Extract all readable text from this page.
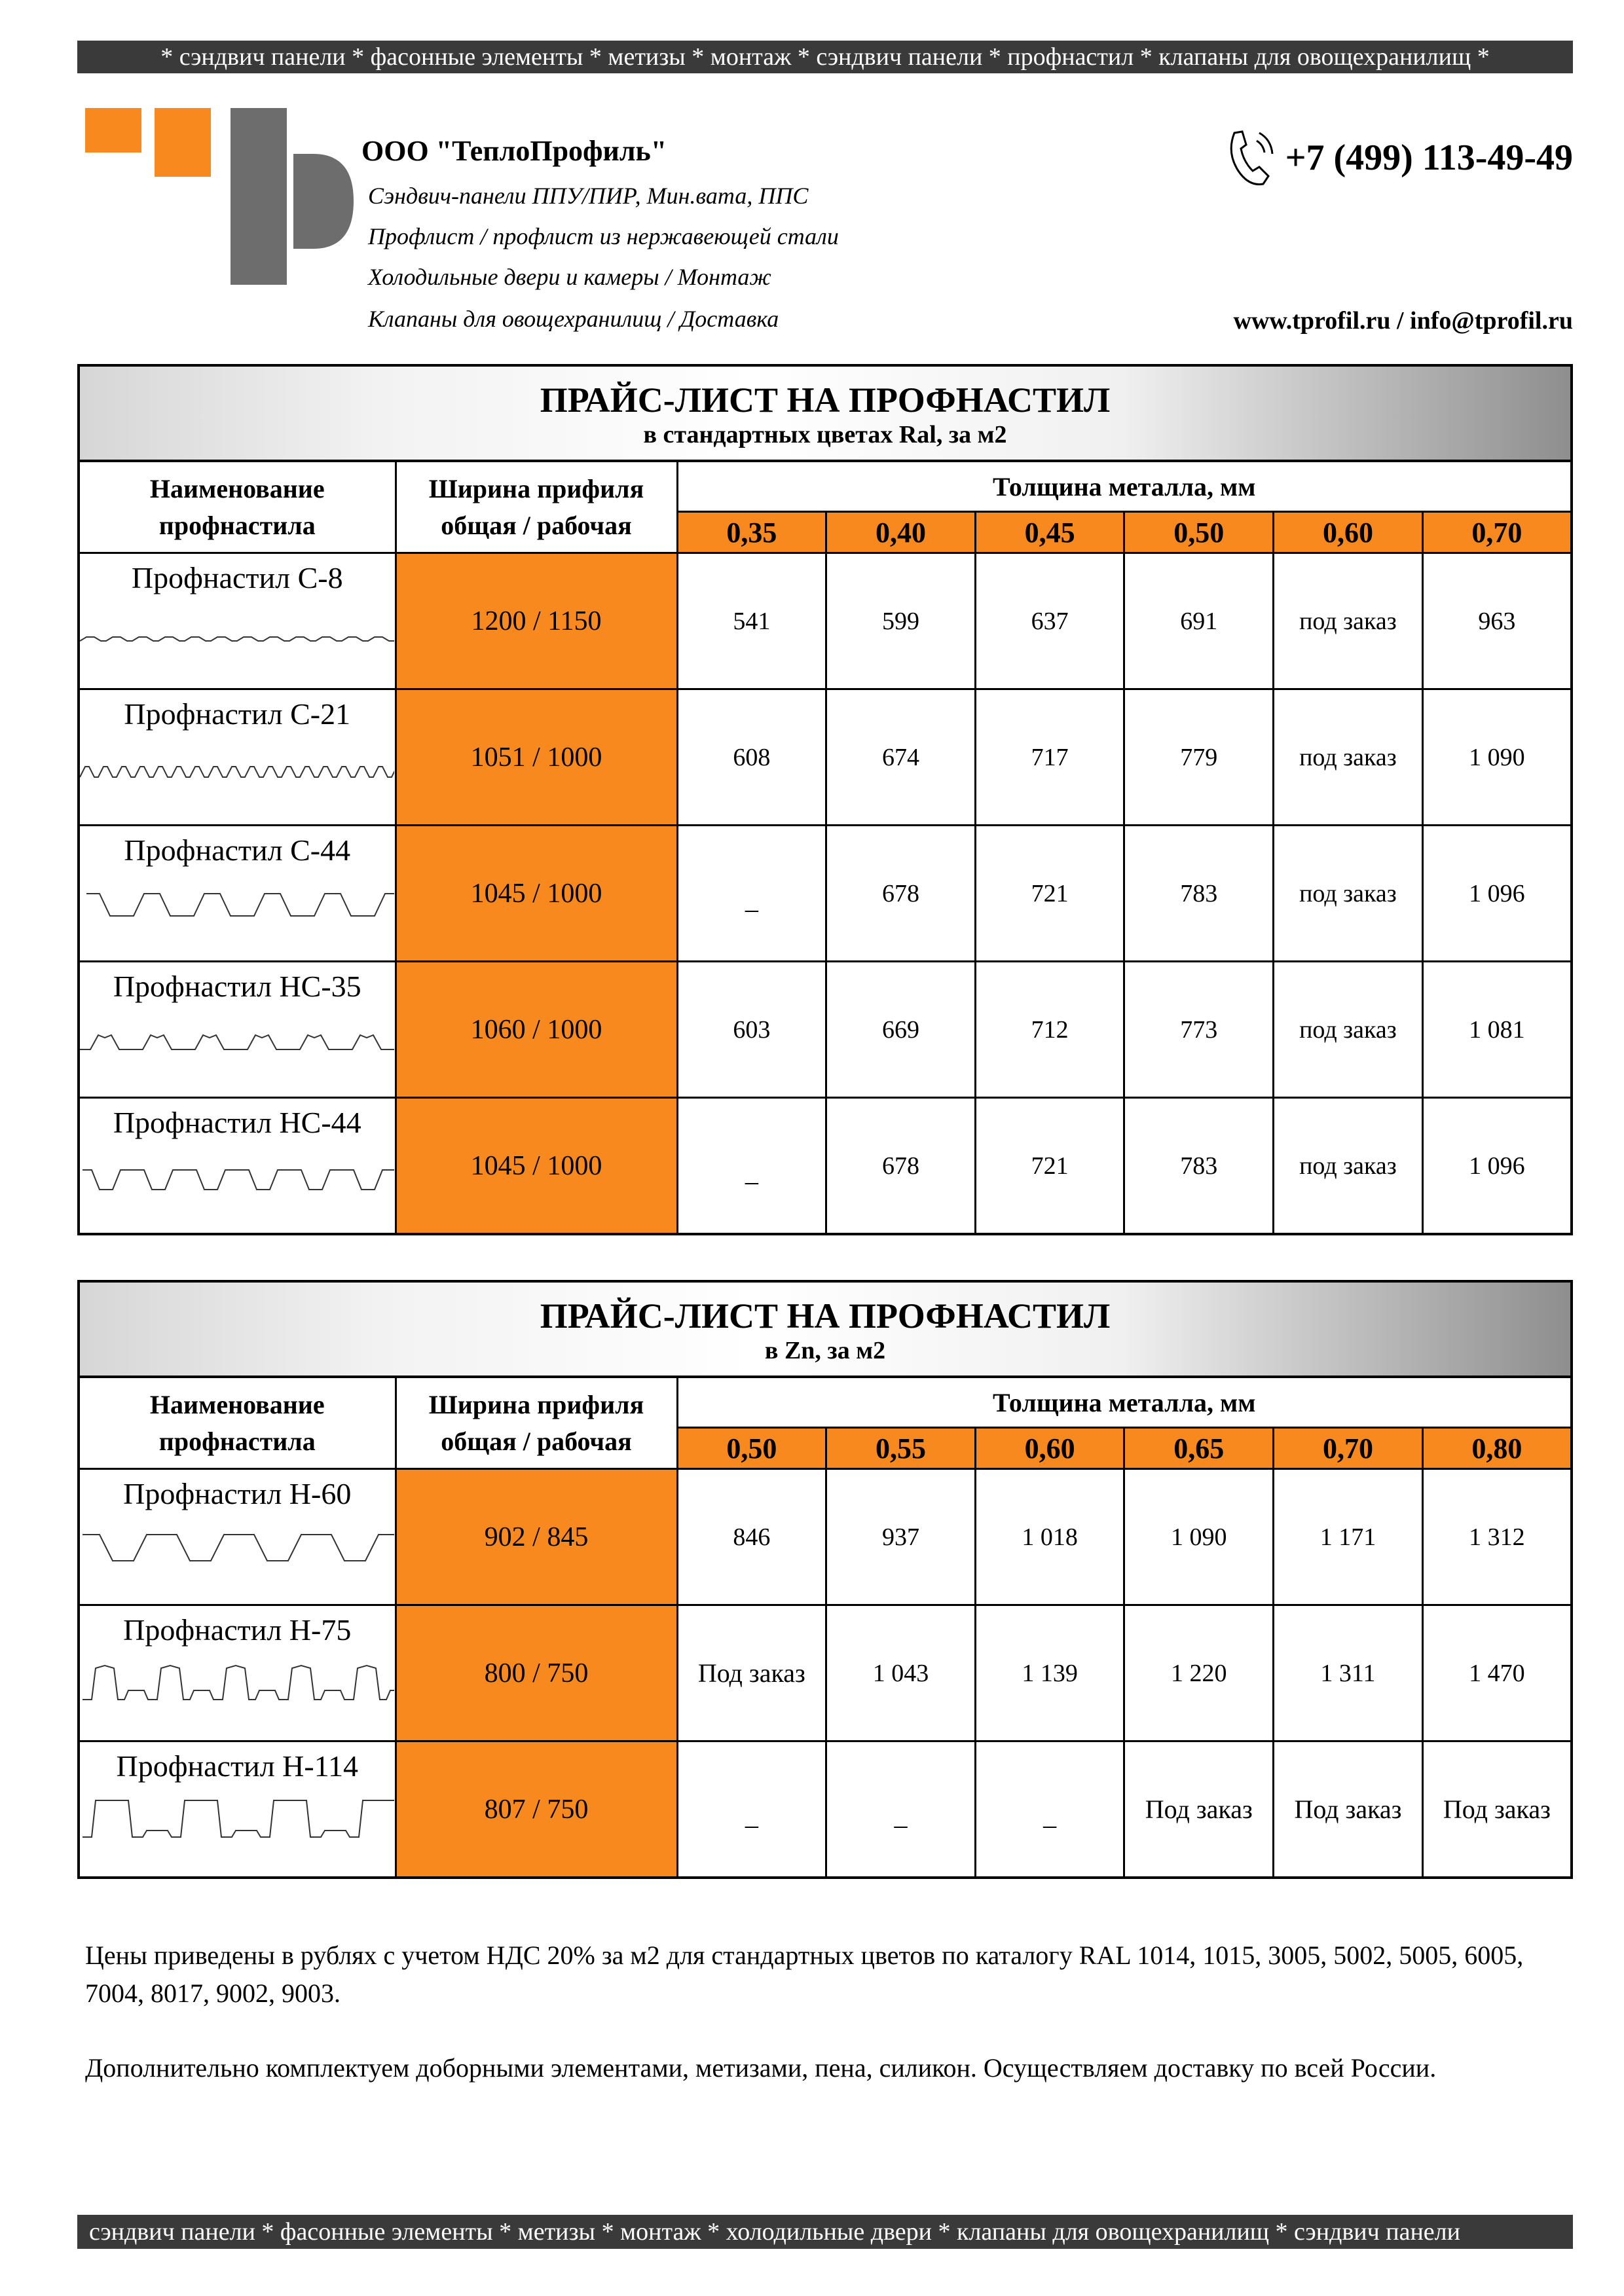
* сэндвич панели * фасонные элементы * метизы * монтаж * сэндвич панели * профнастил * клапаны для овощехранилищ *
ООО "ТеплоПрофиль"
Сэндвич-панели ППУ/ПИР, Мин.вата, ППС
Профлист / профлист из нержавеющей стали
Холодильные двери и камеры / Монтаж
Клапаны для овощехранилищ / Доставка
+7 (499) 113-49-49
www.tprofil.ru / info@tprofil.ru
ПРАЙС-ЛИСТ НА ПРОФНАСТИЛ
в стандартных цветах Ral, за м2
Наименование профнастила	Ширина прифиля общая / рабочая	Толщина металла, мм					
		0,35	0,40	0,45	0,50	0,60	0,70

Профнастил С-8	1200 / 1150	541	599	637	691	под заказ	963

Профнастил С-21	1051 / 1000	608	674	717	779	под заказ	1 090

Профнастил С-44	1045 / 1000	_	678	721	783	под заказ	1 096

Профнастил НС-35	1060 / 1000	603	669	712	773	под заказ	1 081

Профнастил НС-44	1045 / 1000	_	678	721	783	под заказ	1 096
ПРАЙС-ЛИСТ НА ПРОФНАСТИЛ
в Zn, за м2
Наименование профнастила	Ширина прифиля общая / рабочая	Толщина металла, мм					
		0,50	0,55	0,60	0,65	0,70	0,80

Профнастил Н-60	902 / 845	846	937	1 018	1 090	1 171	1 312

Профнастил Н-75	800 / 750	Под заказ	1 043	1 139	1 220	1 311	1 470

Профнастил Н-114	807 / 750	_	_	_	Под заказ	Под заказ	Под заказ
Цены приведены в рублях с учетом НДС 20% за м2 для стандартных цветов по каталогу RAL 1014, 1015, 3005, 5002, 5005, 6005, 7004, 8017, 9002, 9003.
Дополнительно комплектуем доборными элементами, метизами, пена, силикон. Осуществляем доставку по всей России.
сэндвич панели * фасонные элементы * метизы * монтаж * холодильные двери * клапаны для овощехранилищ * сэндвич панели
